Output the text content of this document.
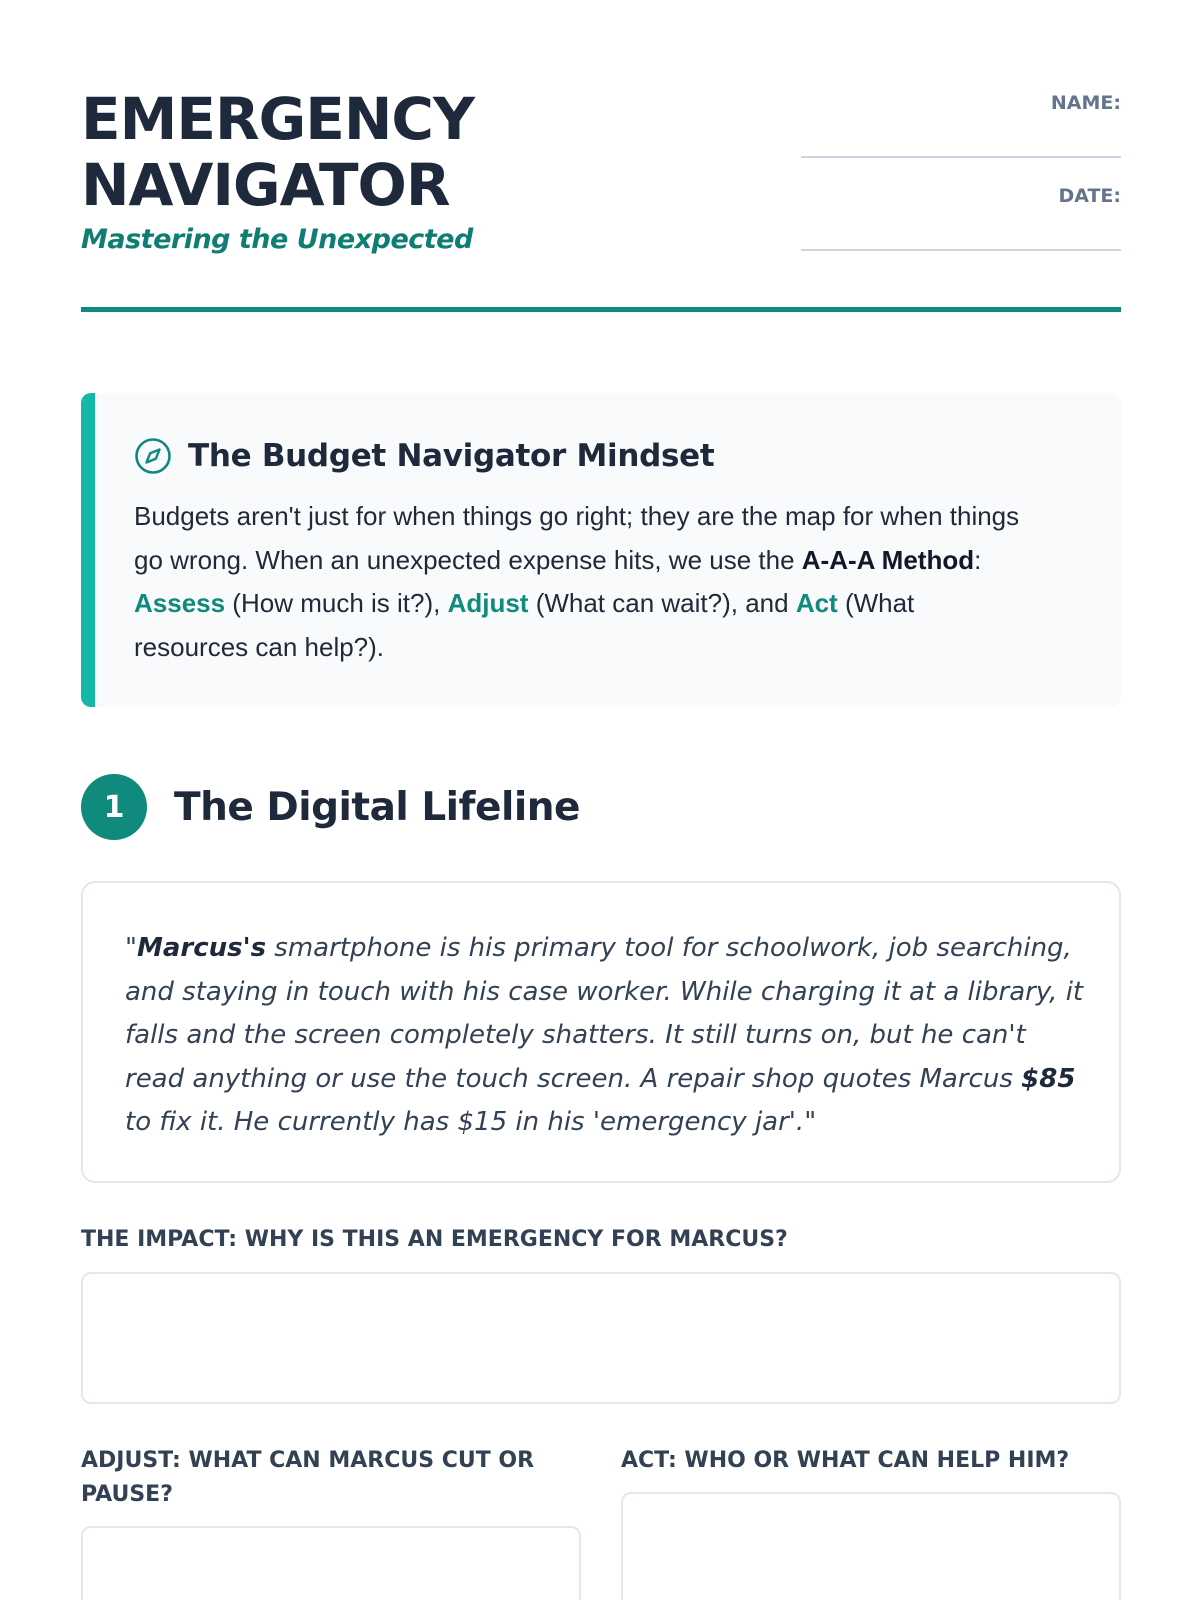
EMERGENCY
NAVIGATOR
Mastering the Unexpected
NAME:
DATE:
The Budget Navigator Mindset

Budgets aren't just for when things go right; they are the map for when things go wrong. When an unexpected expense hits, we use the A-A-A Method: Assess (How much is it?), Adjust (What can wait?), and Act (What resources can help?).

1	The Digital Lifeline

"Marcus's smartphone is his primary tool for schoolwork, job searching, and staying in touch with his case worker. While charging it at a library, it falls and the screen completely shatters. It still turns on, but he can't read anything or use the touch screen. A repair shop quotes Marcus $85 to fix it. He currently has $15 in his 'emergency jar'."

THE IMPACT: WHY IS THIS AN EMERGENCY FOR MARCUS?
ADJUST: WHAT CAN MARCUS CUT OR PAUSE?
ACT: WHO OR WHAT CAN HELP HIM?
